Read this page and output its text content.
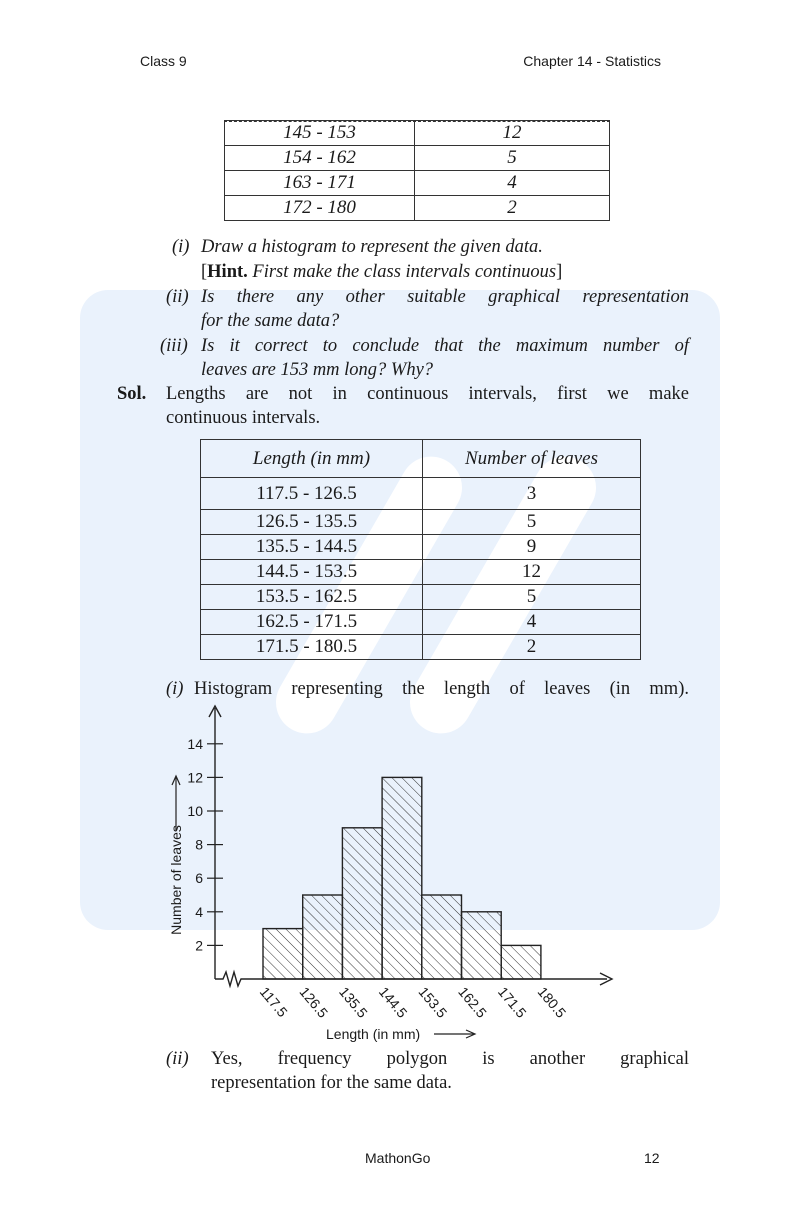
Class 9	Chapter 14 - Statistics
145 - 153	12
154 - 162	5
163 - 171	4
172 - 180	2
(i) Draw a histogram to represent the given data.
[Hint. First make the class intervals continuous]
(ii) Is there any other suitable graphical representation
for the same data?
(iii) Is it correct to conclude that the maximum number of
leaves are 153 mm long? Why?
Sol. Lengths are not in continuous intervals, first we make
continuous intervals.
Length (in mm)	Number of leaves
117.5 - 126.5	3
126.5 - 135.5	5
135.5 - 144.5	9
144.5 - 153.5	12
153.5 - 162.5	5
162.5 - 171.5	4
171.5 - 180.5	2
(i) Histogram representing the length of leaves (in mm).
2
4
6
8
10
12
14
117.5 126.5 135.5 144.5 153.5 162.5 171.5 180.5
Number of leaves
Length (in mm)
(ii) Yes, frequency polygon is another graphical
representation for the same data.
MathonGo	12
